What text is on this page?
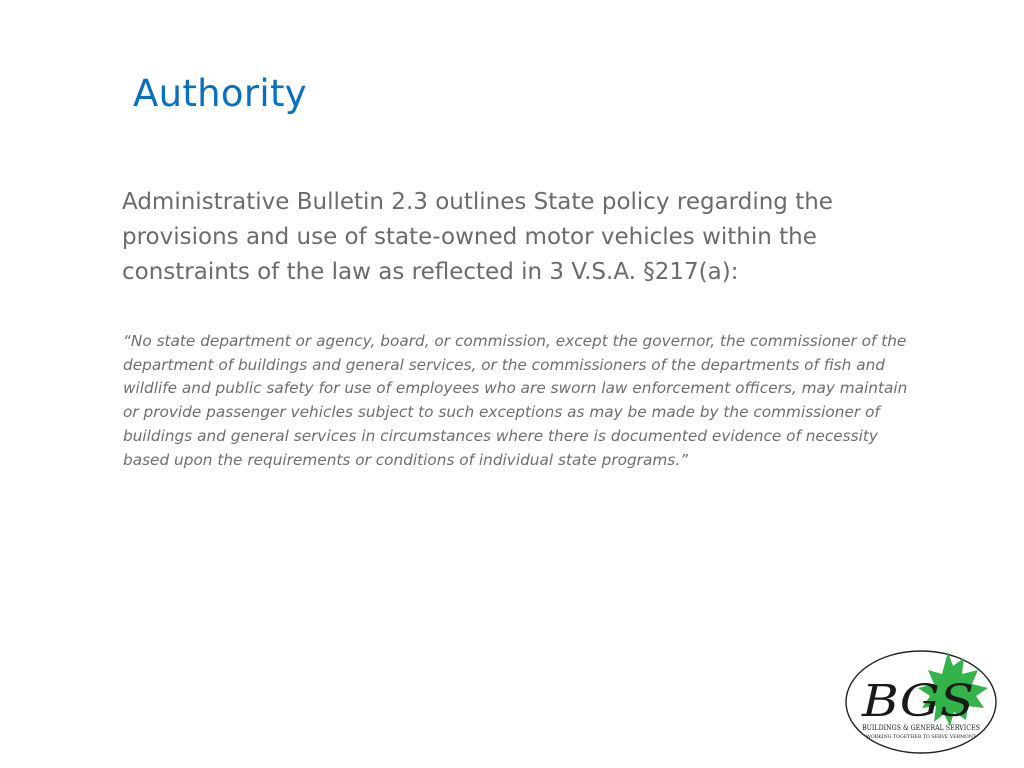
Authority

Administrative Bulletin 2.3 outlines State policy regarding the provisions and use of state-owned motor vehicles within the constraints of the law as reflected in 3 V.S.A. §217(a):

“No state department or agency, board, or commission, except the governor, the commissioner of the department of buildings and general services, or the commissioners of the departments of fish and wildlife and public safety for use of employees who are sworn law enforcement officers, may maintain or provide passenger vehicles subject to such exceptions as may be made by the commissioner of buildings and general services in circumstances where there is documented evidence of necessity based upon the requirements or conditions of individual state programs.”

BGS
BUILDINGS & GENERAL SERVICES
WORKING TOGETHER TO SERVE VERMONT
